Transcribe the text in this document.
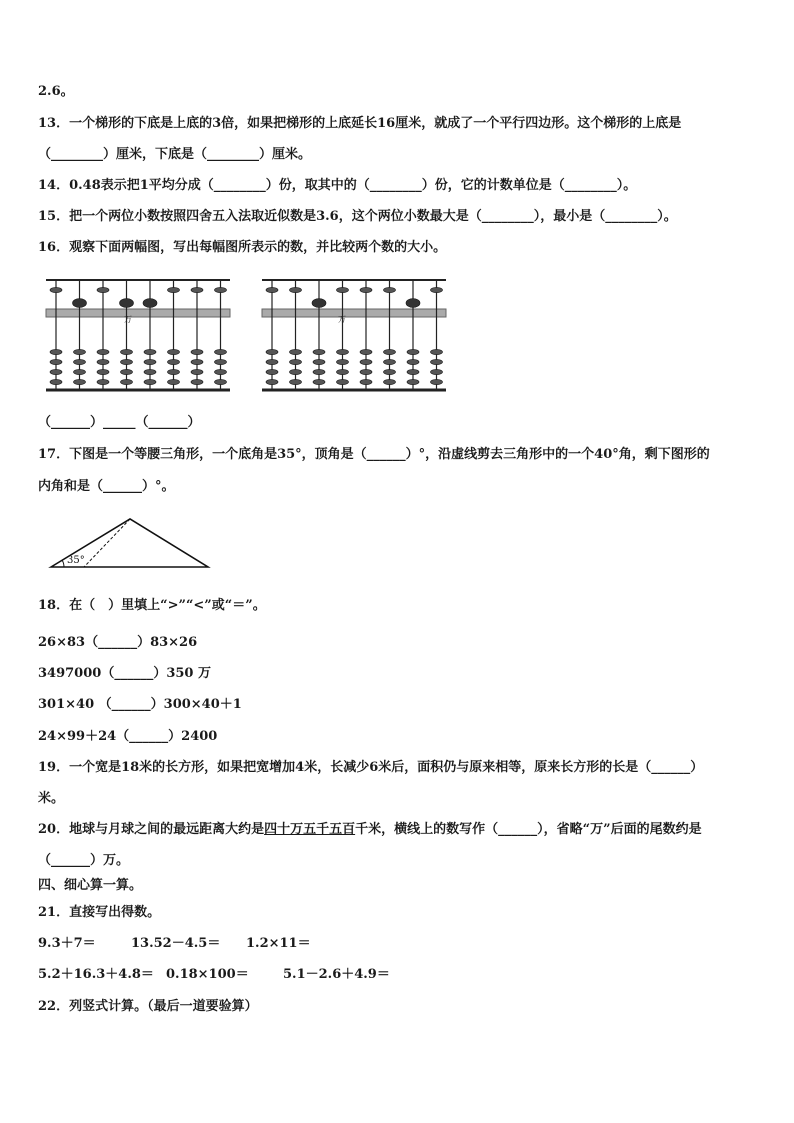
2.6。
13．一个梯形的下底是上底的3倍，如果把梯形的上底延长16厘米，就成了一个平行四边形。这个梯形的上底是
（________）厘米，下底是（________）厘米。
14．0.48表示把1平均分成（________）份，取其中的（________）份，它的计数单位是（________）。
15．把一个两位小数按照四舍五入法取近似数是3.6，这个两位小数最大是（________），最小是（________）。
16．观察下面两幅图，写出每幅图所表示的数，并比较两个数的大小。
万	万
（______）_____（______）
17．下图是一个等腰三角形，一个底角是35°，顶角是（______）°，沿虚线剪去三角形中的一个40°角，剩下图形的
内角和是（______）°。
35°
18．在（　）里填上“>”“<”或“＝”。
26×83（______）83×26
3497000（______）350 万
301×40 （______）300×40＋1
24×99＋24（______）2400
19．一个宽是18米的长方形，如果把宽增加4米，长减少6米后，面积仍与原来相等，原来长方形的长是（______）
米。
20．地球与月球之间的最远距离大约是四十万五千五百千米，横线上的数写作（______），省略“万”后面的尾数约是
（______）万。
四、细心算一算。
21．直接写出得数。
9.3＋7＝	13.52－4.5＝ 1.2×11＝
5.2＋16.3＋4.8＝ 0.18×100＝	5.1－2.6＋4.9＝
22．列竖式计算。（最后一道要验算）
